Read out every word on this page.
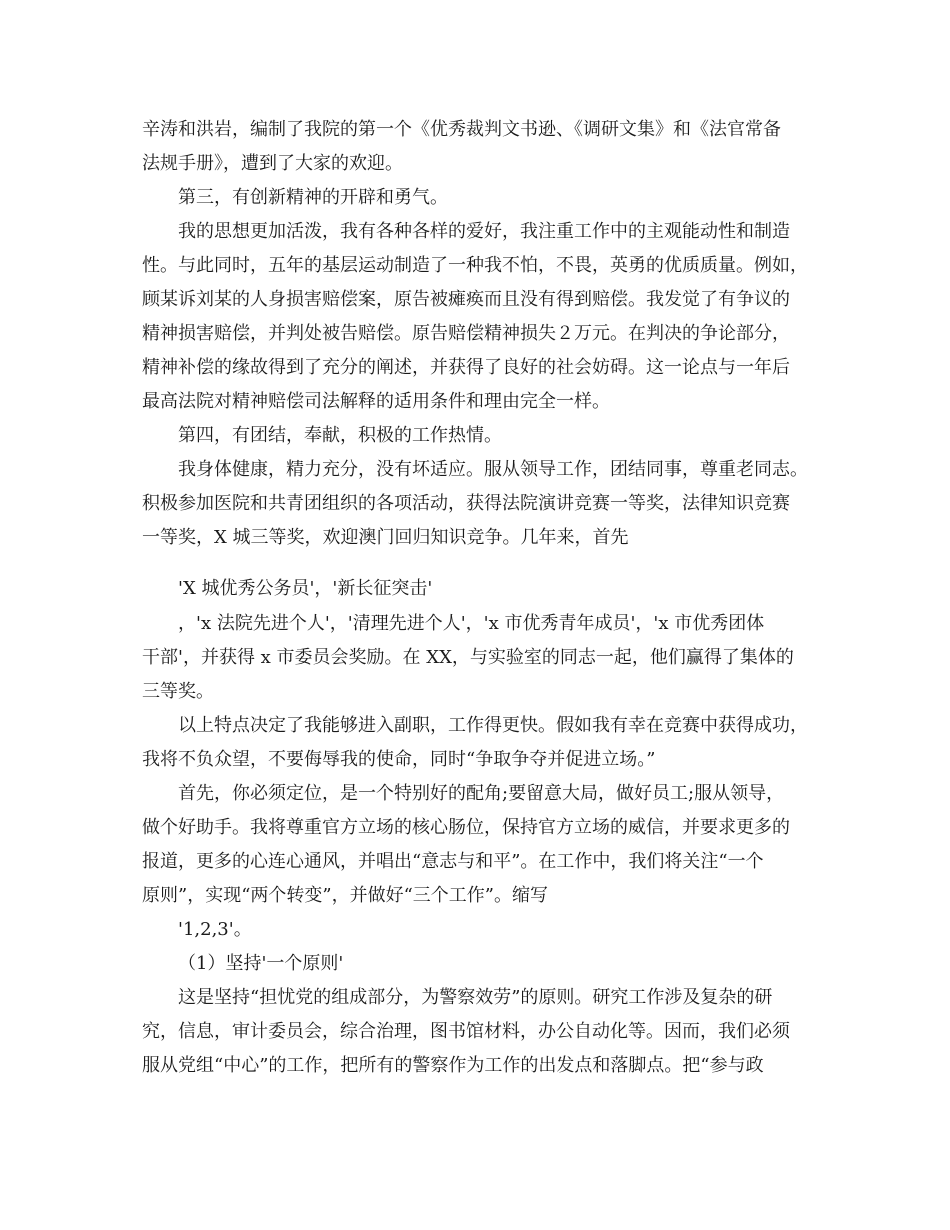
辛涛和洪岩，编制了我院的第一个《优秀裁判文书逊、《调研文集》和《法官常备
法规手册》，遭到了大家的欢迎。
第三，有创新精神的开辟和勇气。
我的思想更加活泼，我有各种各样的爱好，我注重工作中的主观能动性和制造
性。与此同时，五年的基层运动制造了一种我不怕，不畏，英勇的优质质量。例如，
顾某诉刘某的人身损害赔偿案，原告被瘫痪而且没有得到赔偿。我发觉了有争议的
精神损害赔偿，并判处被告赔偿。原告赔偿精神损失２万元。在判决的争论部分，
精神补偿的缘故得到了充分的阐述，并获得了良好的社会妨碍。这一论点与一年后
最高法院对精神赔偿司法解释的适用条件和理由完全一样。
第四，有团结，奉献，积极的工作热情。
我身体健康，精力充分，没有坏适应。服从领导工作，团结同事，尊重老同志。
积极参加医院和共青团组织的各项活动，获得法院演讲竞赛一等奖，法律知识竞赛
一等奖，X 城三等奖，欢迎澳门回归知识竞争。几年来，首先
'X 城优秀公务员'，'新长征突击'
，'x 法院先进个人'，'清理先进个人'，'x 市优秀青年成员'，'x 市优秀团体
干部'，并获得 x 市委员会奖励。在 XX，与实验室的同志一起，他们赢得了集体的
三等奖。
以上特点决定了我能够进入副职，工作得更快。假如我有幸在竞赛中获得成功，
我将不负众望，不要侮辱我的使命，同时“争取争夺并促进立场。”
首先，你必须定位，是一个特别好的配角;要留意大局，做好员工;服从领导，
做个好助手。我将尊重官方立场的核心肠位，保持官方立场的威信，并要求更多的
报道，更多的心连心通风，并唱出“意志与和平”。在工作中，我们将关注“一个
原则”，实现“两个转变”，并做好“三个工作”。缩写
'1,2,3'。
（1）坚持'一个原则'
这是坚持“担忧党的组成部分，为警察效劳”的原则。研究工作涉及复杂的研
究，信息，审计委员会，综合治理，图书馆材料，办公自动化等。因而，我们必须
服从党组“中心”的工作，把所有的警察作为工作的出发点和落脚点。把“参与政
